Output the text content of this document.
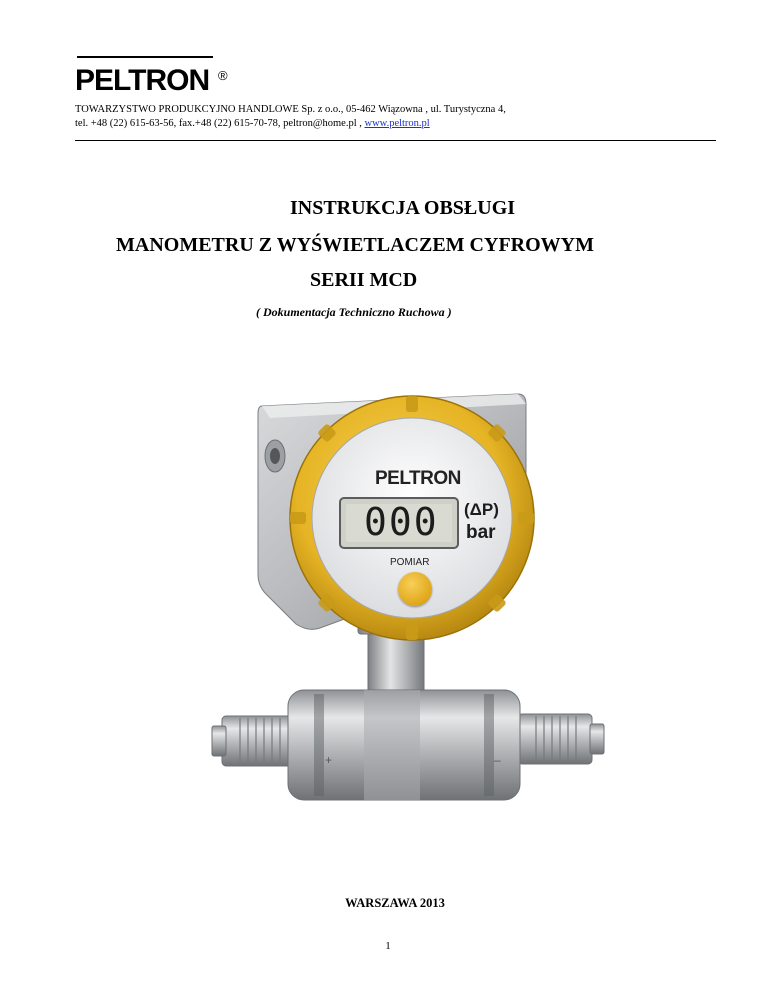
PELTRON ®
TOWARZYSTWO PRODUKCYJNO HANDLOWE Sp. z o.o., 05-462 Wiązowna , ul. Turystyczna 4,
tel. +48 (22) 615-63-56, fax.+48 (22) 615-70-78, peltron@home.pl , www.peltron.pl
INSTRUKCJA OBSŁUGI
MANOMETRU Z WYŚWIETLACZEM CYFROWYM
SERII MCD
( Dokumentacja Techniczno Ruchowa )
+	–
PELTRON
000 (ΔP)
bar
POMIAR
WARSZAWA 2013
1
